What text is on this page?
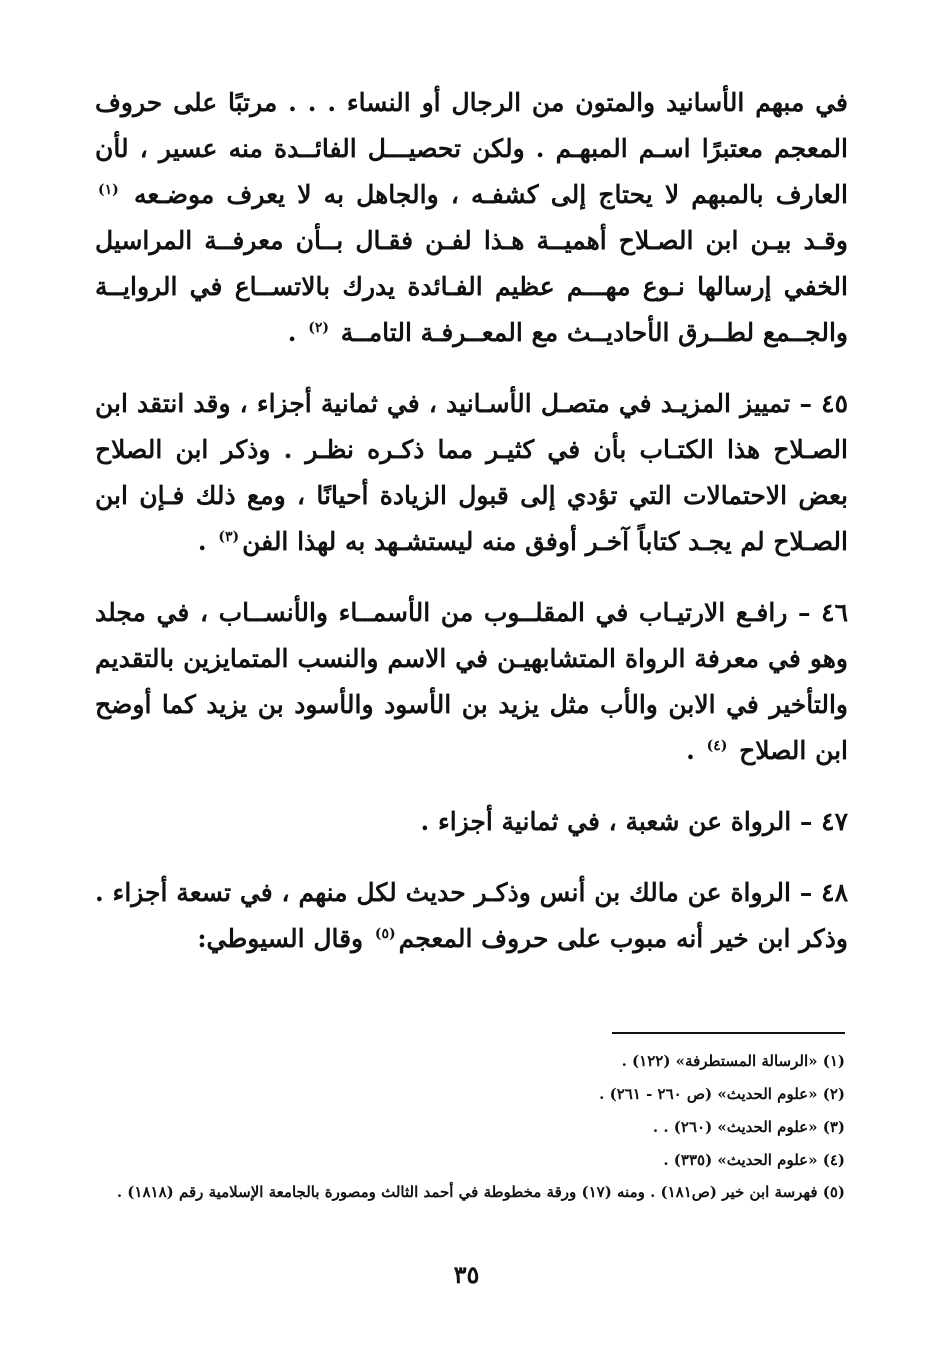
في مبهم الأسانيد والمتون من الرجال أو النساء . . . مرتبًا على حروف المعجم معتبرًا اسـم المبهـم . ولكن تحصيـــل الفائــدة منه عسير ، لأن العارف بالمبهم لا يحتاج إلى كشفـه ، والجاهل به لا يعرف موضـعه $^{(١)}$ وقـد بيـن ابن الصـلاح أهميــة هـذا لفـن فقـال بــأن معرفــة المراسيل الخفي إرسالها نـوع مهـــم عظيم الفـائدة يدرك بالاتســاع في الروايــة والجــمع لطــرق الأحاديــث مع المعــرفـة التامــة $^{(٢)}$ .

٤٥ – تمييز المزيـد في متصـل الأسـانيد ، في ثمانية أجزاء ، وقد انتقد ابن الصـلاح هذا الكتـاب بأن في كثيـر مما ذكـره نظـر . وذكر ابن الصلاح بعض الاحتمالات التي تؤدي إلى قبول الزيادة أحيانًا ، ومع ذلك فـإن ابن الصـلاح لم يجـد كتاباً آخـر أوفق منه ليستشـهد به لهذا الفن$^{(٣)}$ .

٤٦ – رافـع الارتيـاب في المقلــوب من الأسمــاء والأنســاب ، في مجلد وهو في معرفة الرواة المتشابهيـن في الاسم والنسب المتمايزين بالتقديم والتأخير في الابن والأب مثل يزيد بن الأسود والأسود بن يزيد كما أوضح ابن الصلاح $^{(٤)}$ .

٤٧ – الرواة عن شعبة ، في ثمانية أجزاء .

٤٨ – الرواة عن مالك بن أنس وذكـر حديث لكل منهم ، في تسعة أجزاء . وذكر ابن خير أنه مبوب على حروف المعجم$^{(٥)}$ وقال السيوطي:

(١) «الرسالة المستطرفة» (١٢٢) .
(٢) «علوم الحديث» (ص ٢٦٠ - ٢٦١) .
(٣) «علوم الحديث» (٢٦٠) . .
(٤) «علوم الحديث» (٣٣٥) .
(٥) فهرسة ابن خير (ص١٨١) . ومنه (١٧) ورقة مخطوطة في أحمد الثالث ومصورة بالجامعة الإسلامية رقم (١٨١٨) .
٣٥
